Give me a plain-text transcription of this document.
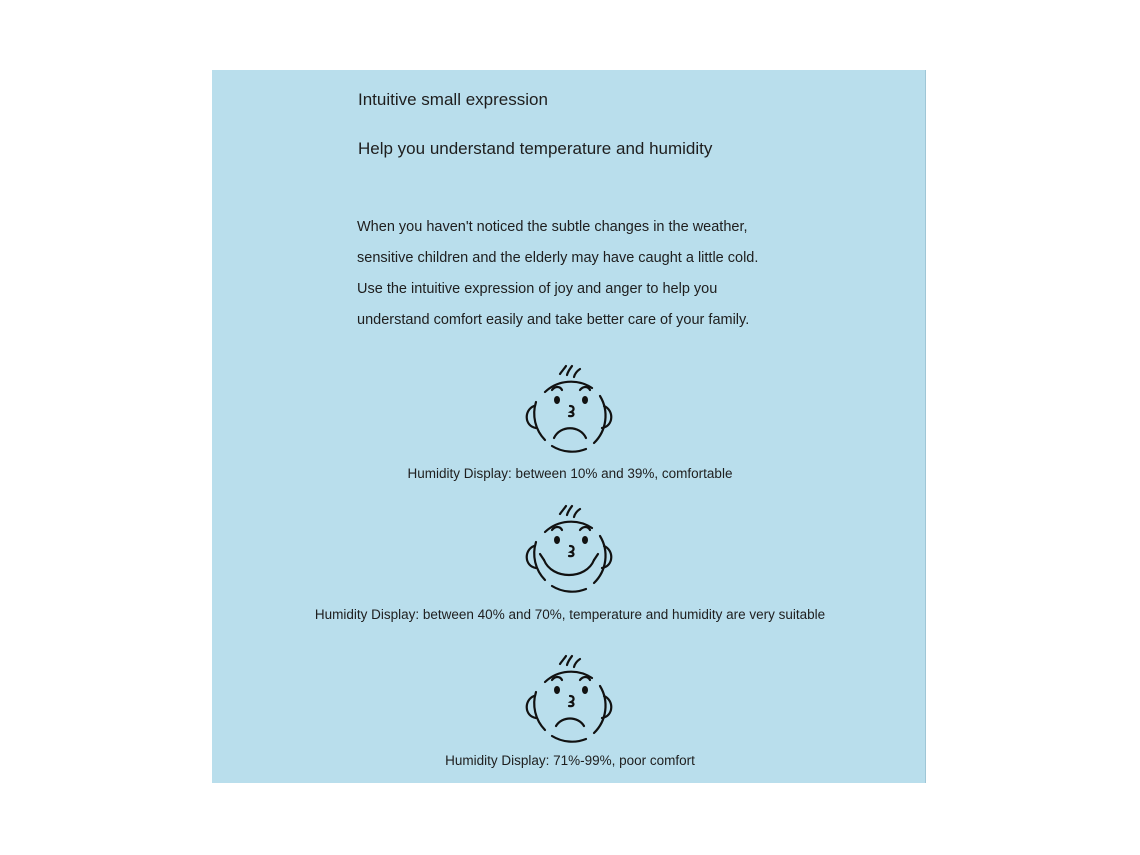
Intuitive small expression
Help you understand temperature and humidity
When you haven't noticed the subtle changes in the weather,
sensitive children and the elderly may have caught a little cold.
Use the intuitive expression of joy and anger to help you
understand comfort easily and take better care of your family.
Humidity Display: between 10% and 39%, comfortable
Humidity Display: between 40% and 70%, temperature and humidity are very suitable
Humidity Display: 71%-99%, poor comfort
